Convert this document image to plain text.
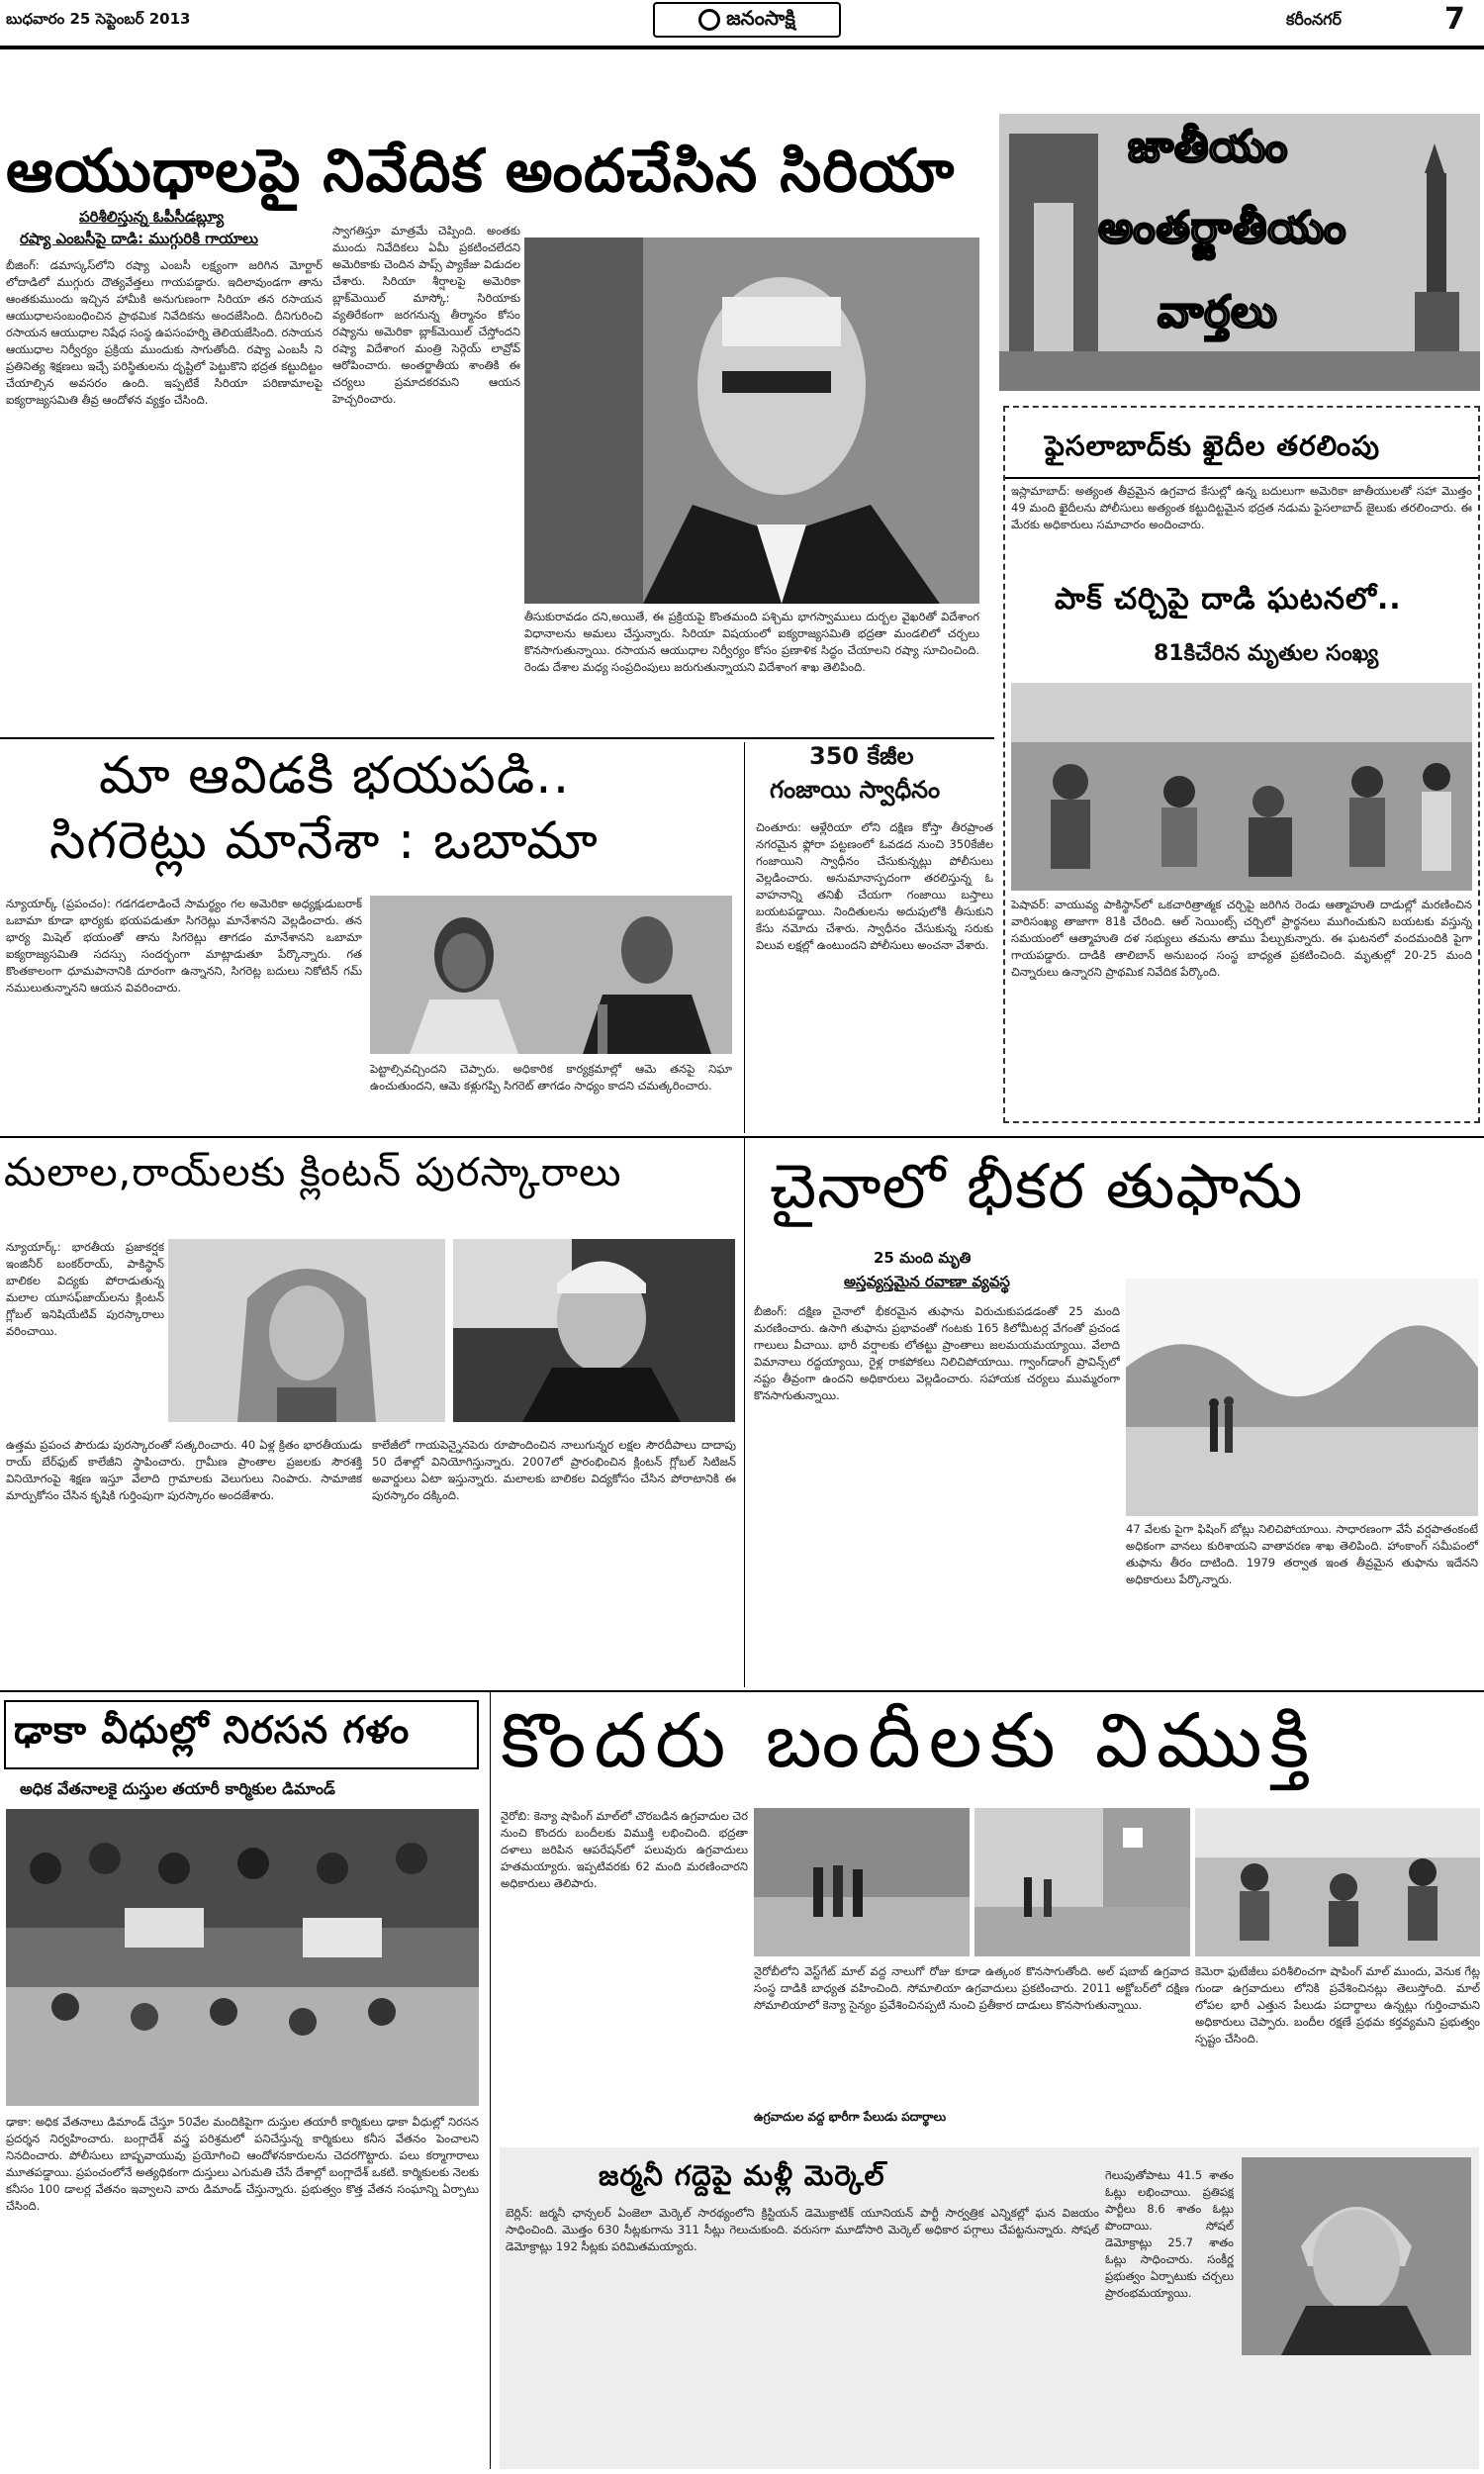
బుధవారం 25 సెప్టెంబర్‌ 2013	జనంసాక్షి	కరీంనగర్‌	7
ఆయుధాలపై నివేదిక అందచేసిన సిరియా
పరిశీలిస్తున్న ఓపీసీడబ్ల్యూ
రష్యా ఎంబసీపై దాడి: ముగ్గురికి గాయాలు
బీజింగ్‌: డమాస్కస్‌లోని రష్యా ఎంబసీ లక్ష్యంగా జరిగిన మోర్టార్‌ లోదాడిలో ముగ్గురు దౌత్యవేత్తలు గాయపడ్డారు. ఇదిలావుండగా తాను ఆంతకుముందు ఇచ్చిన హామీకి అనుగుణంగా సిరియా తన రసాయన ఆయుధాలసంబంధించిన ప్రాథమిక నివేదికను అందజేసింది. దీనిగురించి రసాయన ఆయుధాల నిషేధ సంస్థ ఉపసంహర్ని తెలియజేసింది. రసాయన ఆయుధాల నిర్వీర్యం ప్రక్రియ ముందుకు సాగుతోంది. రష్యా ఎంబసీ ని ప్రతినిత్య శిక్షణలు ఇచ్చే పరిస్థితులను దృష్టిలో పెట్టుకొని భద్రత కట్టుదిట్టం చేయాల్సిన అవసరం ఉంది. ఇప్పటికే సిరియా పరిణామాలపై ఐక్యరాజ్యసమితి తీవ్ర ఆందోళన వ్యక్తం చేసింది.
స్వాగతిస్తూ మాత్రమే చెప్పింది. అంతకు ముందు నివేదికలు ఏమీ ప్రకటించలేదని అమెరికాకు చెందిన పాప్స్‌ ప్యాకేజు విడుదల చేశారు. సిరియా శీర్షాలపై అమెరికా బ్లాక్‌మెయిల్‌ మాస్కో: సిరియాకు వ్యతిరేకంగా జరగనున్న తీర్మానం కోసం రష్యాను అమెరికా బ్లాక్‌మెయిల్‌ చేస్తోందని రష్యా విదేశాంగ మంత్రి సెర్గెయ్‌ లావ్రోవ్‌ ఆరోపించారు. అంతర్జాతీయ శాంతికి ఈ చర్యలు ప్రమాదకరమని ఆయన హెచ్చరించారు.
తీసుకురావడం దని,అయితే, ఈ ప్రక్రియపై కొంతమంది పశ్చిమ భాగస్వాములు దుర్బల వైఖరితో విదేశాంగ విధానాలను అమలు చేస్తున్నారు. సిరియా విషయంలో ఐక్యరాజ్యసమితి భద్రతా మండలిలో చర్చలు కొనసాగుతున్నాయి. రసాయన ఆయుధాల నిర్వీర్యం కోసం ప్రణాళిక సిద్ధం చేయాలని రష్యా సూచించింది. రెండు దేశాల మధ్య సంప్రదింపులు జరుగుతున్నాయని విదేశాంగ శాఖ తెలిపింది.
జాతీయం
అంతర్జాతీయం
వార్తలు
ఫైసలాబాద్‌కు ఖైదీల తరలింపు
ఇస్లామాబాద్‌: అత్యంత తీవ్రమైన ఉగ్రవాద కేసుల్లో ఉన్న బదులుగా అమెరికా జాతీయులతో సహా మొత్తం 49 మంది ఖైదీలను పోలీసులు అత్యంత కట్టుదిట్టమైన భద్రత నడుమ ఫైసలాబాద్‌ జైలుకు తరలించారు. ఈ మేరకు అధికారులు సమాచారం అందించారు.
పాక్‌ చర్చిపై దాడి ఘటనలో..
81కిచేరిన మృతుల సంఖ్య
పెషావర్‌: వాయువ్య పాకిస్థాన్‌లో ఒకచారిత్రాత్మక చర్చిపై జరిగిన రెండు ఆత్మాహుతి దాడుల్లో మరణించిన వారిసంఖ్య తాజాగా 81కి చేరింది. ఆల్‌ సెయింట్స్‌ చర్చిలో ప్రార్థనలు ముగించుకుని బయటకు వస్తున్న సమయంలో ఆత్మాహుతి దళ సభ్యులు తమను తాము పేల్చుకున్నారు. ఈ ఘటనలో వందమందికి పైగా గాయపడ్డారు. దాడికి తాలిబాన్‌ అనుబంధ సంస్థ బాధ్యత ప్రకటించింది. మృతుల్లో 20-25 మంది చిన్నారులు ఉన్నారని ప్రాథమిక నివేదిక పేర్కొంది.
మా ఆవిడకి భయపడి..
సిగరెట్లు మానేశా : ఒబామా
న్యూయార్క్‌ (ప్రపంచం): గడగడలాడించే సామర్థ్యం గల అమెరికా అధ్యక్షుడుబరాక్‌ ఒబామా కూడా భార్యకు భయపడుతూ సిగరెట్లు మానేశానని వెల్లడించారు. తన భార్య మిషెల్‌ భయంతో తాను సిగరెట్లు తాగడం మానేశానని ఒబామా ఐక్యరాజ్యసమితి సదస్సు సందర్భంగా మాట్లాడుతూ పేర్కొన్నారు. గత కొంతకాలంగా ధూమపానానికి దూరంగా ఉన్నానని, సిగరెట్ల బదులు నికోటిన్‌ గమ్‌ నములుతున్నానని ఆయన వివరించారు.
పెట్టాల్సివచ్చిందని చెప్పారు. అధికారిక కార్యక్రమాల్లో ఆమె తనపై నిఘా ఉంచుతుందని, ఆమె కళ్లుగప్పి సిగరెట్‌ తాగడం సాధ్యం కాదని చమత్కరించారు.
350 కేజీల
గంజాయి స్వాధీనం
చింతూరు: ఆళ్లేరియా లోని దక్షిణ కోస్తా తీరప్రాంత నగరమైన ఫ్లోరా పట్టణంలో ఓవడద నుంచి 350కేజీల గంజాయిని స్వాధీనం చేసుకున్నట్లు పోలీసులు వెల్లడించారు. అనుమానాస్పదంగా తరలిస్తున్న ఓ వాహనాన్ని తనిఖీ చేయగా గంజాయి బస్తాలు బయటపడ్డాయి. నిందితులను అదుపులోకి తీసుకుని కేసు నమోదు చేశారు. స్వాధీనం చేసుకున్న సరుకు విలువ లక్షల్లో ఉంటుందని పోలీసులు అంచనా వేశారు.
మలాల,రాయ్‌లకు క్లింటన్‌ పురస్కారాలు
న్యూయార్క్‌: భారతీయ ప్రజాకర్షక ఇంజినీర్‌ బంకర్‌రాయ్‌, పాకిస్థాన్‌ బాలికల విద్యకు పోరాడుతున్న మలాల యూసఫ్‌జాయ్‌లను క్లింటన్‌ గ్లోబల్‌ ఇనిషియేటివ్‌ పురస్కారాలు వరించాయి.
ఉత్తమ ప్రపంచ పౌరుడు పురస్కారంతో సత్కరించారు. 40 ఏళ్ల క్రితం భారతీయుడు రాయ్‌ బేర్‌ఫుట్‌ కాలేజీని స్థాపించారు. గ్రామీణ ప్రాంతాల ప్రజలకు సౌరశక్తి వినియోగంపై శిక్షణ ఇస్తూ వేలాది గ్రామాలకు వెలుగులు నింపారు. సామాజిక మార్పుకోసం చేసిన కృషికి గుర్తింపుగా పురస్కారం అందజేశారు.
కాలేజీలో గాయపెన్నైనపెరు రూపొందించిన నాలుగున్నర లక్షల సౌరదీపాలు దాదాపు 50 దేశాల్లో వినియోగిస్తున్నారు. 2007లో ప్రారంభించిన క్లింటన్‌ గ్లోబల్‌ సిటిజన్‌ అవార్డులు ఏటా ఇస్తున్నారు. మలాలకు బాలికల విద్యకోసం చేసిన పోరాటానికి ఈ పురస్కారం దక్కింది.
చైనాలో భీకర తుఫాను
25 మంది మృతి
అస్తవ్యస్తమైన రవాణా వ్యవస్థ
బీజింగ్‌: దక్షిణ చైనాలో భీకరమైన తుఫాను విరుచుకుపడడంతో 25 మంది మరణించారు. ఉసాగి తుఫాను ప్రభావంతో గంటకు 165 కిలోమీటర్ల వేగంతో ప్రచండ గాలులు వీచాయి. భారీ వర్షాలకు లోతట్టు ప్రాంతాలు జలమయమయ్యాయి. వేలాది విమానాలు రద్దయ్యాయి, రైళ్ల రాకపోకలు నిలిచిపోయాయి. గ్వాంగ్‌డాంగ్‌ ప్రావిన్స్‌లో నష్టం తీవ్రంగా ఉందని అధికారులు వెల్లడించారు. సహాయక చర్యలు ముమ్మరంగా కొనసాగుతున్నాయి.
47 వేలకు పైగా ఫిషింగ్‌ బోట్లు నిలిచిపోయాయి. సాధారణంగా వేసే వర్షపాతంకంటే అధికంగా వానలు కురిశాయని వాతావరణ శాఖ తెలిపింది. హాంకాంగ్‌ సమీపంలో తుఫాను తీరం దాటింది. 1979 తర్వాత ఇంత తీవ్రమైన తుఫాను ఇదేనని అధికారులు పేర్కొన్నారు.
ఢాకా వీధుల్లో నిరసన గళం
అధిక వేతనాలకై దుస్తుల తయారీ కార్మికుల డిమాండ్‌
ఢాకా: అధిక వేతనాలు డిమాండ్‌ చేస్తూ 50వేల మందికిపైగా దుస్తుల తయారీ కార్మికులు ఢాకా వీధుల్లో నిరసన ప్రదర్శన నిర్వహించారు. బంగ్లాదేశ్‌ వస్త్ర పరిశ్రమలో పనిచేస్తున్న కార్మికులు కనీస వేతనం పెంచాలని నినదించారు. పోలీసులు బాష్పవాయువు ప్రయోగించి ఆందోళనకారులను చెదరగొట్టారు. పలు కర్మాగారాలు మూతపడ్డాయి. ప్రపంచంలోనే అత్యధికంగా దుస్తులు ఎగుమతి చేసే దేశాల్లో బంగ్లాదేశ్‌ ఒకటి. కార్మికులకు నెలకు కనీసం 100 డాలర్ల వేతనం ఇవ్వాలని వారు డిమాండ్‌ చేస్తున్నారు. ప్రభుత్వం కొత్త వేతన సంఘాన్ని ఏర్పాటు చేసింది.
కొందరు బందీలకు విముక్తి
నైరోబి: కెన్యా షాపింగ్‌ మాల్‌లో చొరబడిన ఉగ్రవాదుల చెర నుంచి కొందరు బందీలకు విముక్తి లభించింది. భద్రతా దళాలు జరిపిన ఆపరేషన్‌లో పలువురు ఉగ్రవాదులు హతమయ్యారు. ఇప్పటివరకు 62 మంది మరణించారని అధికారులు తెలిపారు.
నైరోబీలోని వెస్ట్‌గేట్‌ మాల్‌ వద్ద నాలుగో రోజు కూడా ఉత్కంఠ కొనసాగుతోంది. అల్‌ షబాబ్‌ ఉగ్రవాద సంస్థ దాడికి బాధ్యత వహించింది. సోమాలియా ఉగ్రవాదులు ప్రకటించారు. 2011 అక్టోబర్‌లో దక్షిణ సోమాలియాలో కెన్యా సైన్యం ప్రవేశించినప్పటి నుంచి ప్రతీకార దాడులు కొనసాగుతున్నాయి.
ఉగ్రవాదుల వద్ద భారీగా పేలుడు పదార్థాలు
కెమెరా ఫుటేజీలు పరిశీలించగా షాపింగ్‌ మాల్‌ ముందు, వెనుక గేట్ల గుండా ఉగ్రవాదులు లోనికి ప్రవేశించినట్లు తెలుస్తోంది. మాల్‌ లోపల భారీ ఎత్తున పేలుడు పదార్థాలు ఉన్నట్లు గుర్తించామని అధికారులు చెప్పారు. బందీల రక్షణే ప్రథమ కర్తవ్యమని ప్రభుత్వం స్పష్టం చేసింది.
జర్మనీ గద్దెపై మళ్లీ మెర్కెల్‌
బెర్లిన్‌: జర్మనీ ఛాన్సలర్‌ ఏంజెలా మెర్కెల్‌ సారథ్యంలోని క్రిస్టియన్‌ డెమొక్రాటిక్‌ యూనియన్‌ పార్టీ సార్వత్రిక ఎన్నికల్లో ఘన విజయం సాధించింది. మొత్తం 630 సీట్లకుగాను 311 సీట్లు గెలుచుకుంది. వరుసగా మూడోసారి మెర్కెల్‌ అధికార పగ్గాలు చేపట్టనున్నారు. సోషల్‌ డెమోక్రాట్లు 192 సీట్లకు పరిమితమయ్యారు.
గెలుపుతోపాటు 41.5 శాతం ఓట్లు లభించాయి. ప్రతిపక్ష పార్టీలు 8.6 శాతం ఓట్లు పొందాయి. సోషల్‌ డెమోక్రాట్లు 25.7 శాతం ఓట్లు సాధించారు. సంకీర్ణ ప్రభుత్వం ఏర్పాటుకు చర్చలు ప్రారంభమయ్యాయి.
